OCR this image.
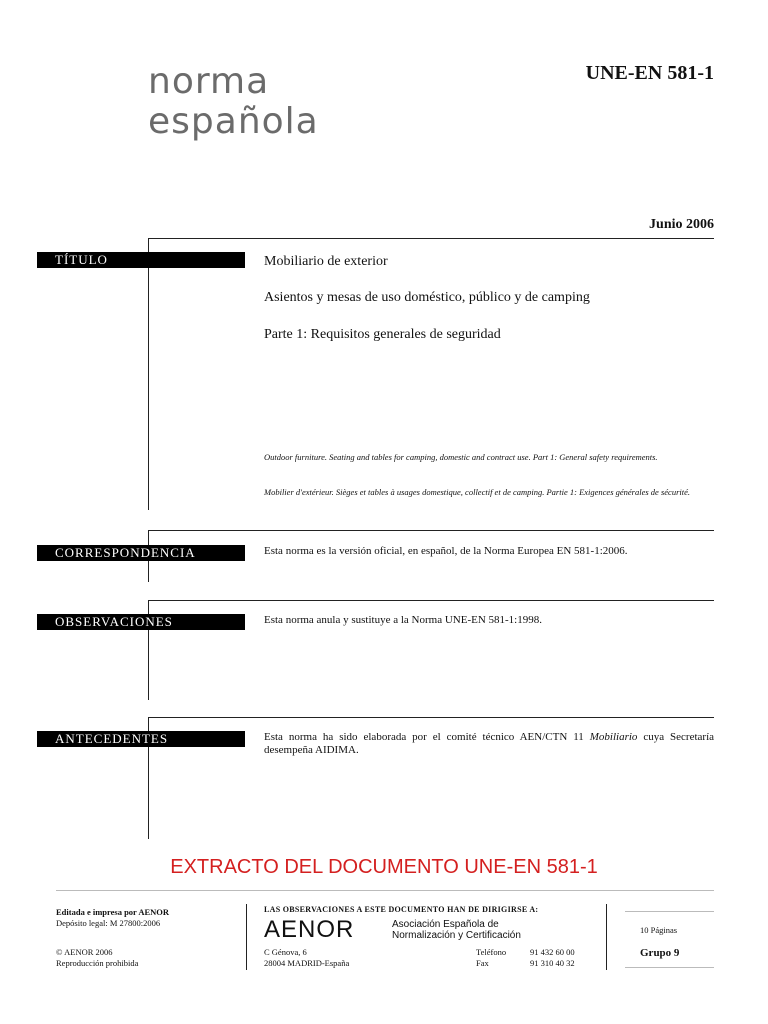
norma
española
UNE-EN 581-1
Junio 2006
TÍTULO	Mobiliario de exterior
Asientos y mesas de uso doméstico, público y de camping
Parte 1: Requisitos generales de seguridad
Outdoor furniture. Seating and tables for camping, domestic and contract use. Part 1: General safety requirements.
Mobilier d'extérieur. Sièges et tables à usages domestique, collectif et de camping. Partie 1: Exigences générales de sécurité.
CORRESPONDENCIA	Esta norma es la versión oficial, en español, de la Norma Europea EN 581-1:2006.
OBSERVACIONES	Esta norma anula y sustituye a la Norma UNE-EN 581-1:1998.
ANTECEDENTES	Esta norma ha sido elaborada por el comité técnico AEN/CTN 11 Mobiliario cuya Secretaría desempeña AIDIMA.
EXTRACTO DEL DOCUMENTO UNE-EN 581-1
Editada e impresa por AENOR
Depósito legal: M 27800:2006
© AENOR 2006
Reproducción prohibida
LAS OBSERVACIONES A ESTE DOCUMENTO HAN DE DIRIGIRSE A:
AENOR	Asociación Española de
Normalización y Certificación
C Génova, 6
28004 MADRID-España
Teléfono	91 432 60 00
Fax	91 310 40 32
10 Páginas
Grupo 9
